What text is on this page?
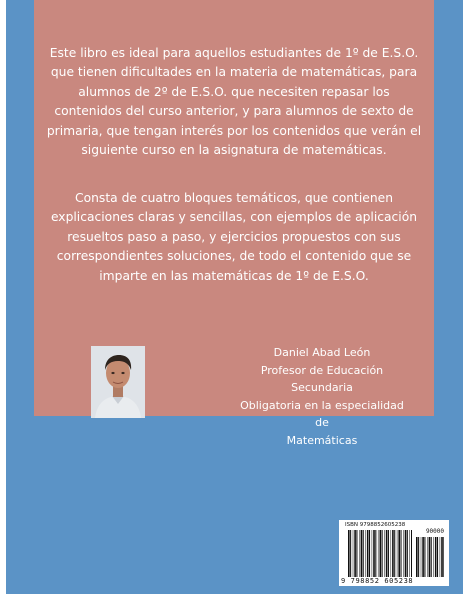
Este libro es ideal para aquellos estudiantes de 1º de E.S.O. que tienen dificultades en la materia de matemáticas, para alumnos de 2º de E.S.O. que necesiten repasar los contenidos del curso anterior, y para alumnos de sexto de primaria, que tengan interés por los contenidos que verán el siguiente curso en la asignatura de matemáticas.

Consta de cuatro bloques temáticos, que contienen explicaciones claras y sencillas, con ejemplos de aplicación resueltos paso a paso, y ejercicios propuestos con sus correspondientes soluciones, de todo el contenido que se imparte en las matemáticas de 1º de E.S.O.

Daniel Abad León
Profesor de Educación Secundaria
Obligatoria en la especialidad de
Matemáticas
ISBN 9798852605238
90000
9 798852 605238
